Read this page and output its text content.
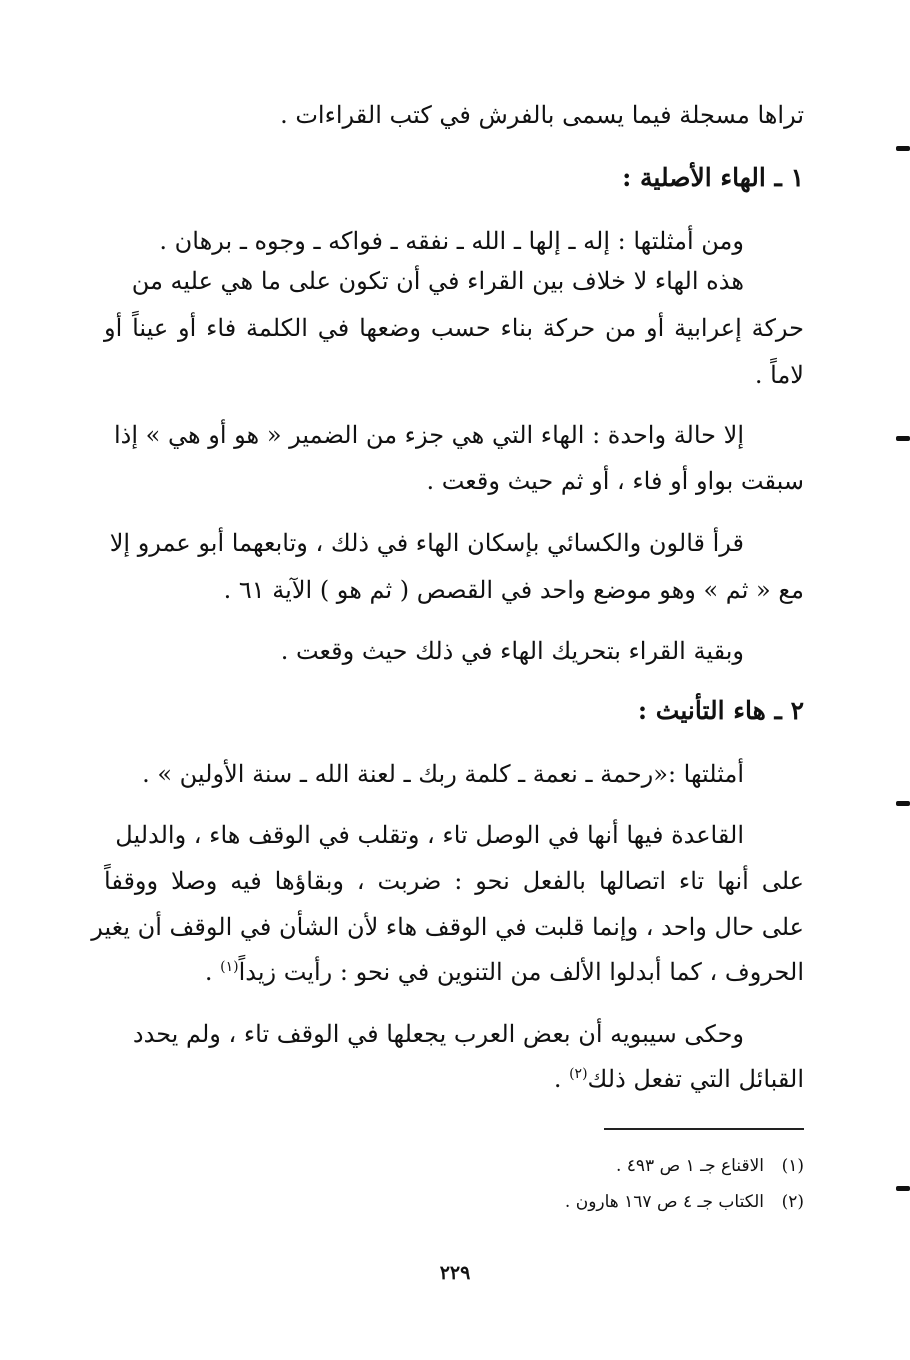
تراها مسجلة فيما يسمى بالفرش في كتب القراءات .
١ ـ الهاء الأصلية :
ومن أمثلتها : إله ـ إلها ـ الله ـ نفقه ـ فواكه ـ وجوه ـ برهان .
هذه الهاء لا خلاف بين القراء في أن تكون على ما هي عليه من
حركة إعرابية أو من حركة بناء حسب وضعها في الكلمة فاء أو عيناً أو
لاماً .
إلا حالة واحدة : الهاء التي هي جزء من الضمير « هو أو هي » إذا
سبقت بواو أو فاء ، أو ثم حيث وقعت .
قرأ قالون والكسائي بإسكان الهاء في ذلك ، وتابعهما أبو عمرو إلا
مع « ثم » وهو موضع واحد في القصص ( ثم هو ) الآية ٦١ .
وبقية القراء بتحريك الهاء في ذلك حيث وقعت .
٢ ـ هاء التأنيث :
أمثلتها :«رحمة ـ نعمة ـ كلمة ربك ـ لعنة الله ـ سنة الأولين » .
القاعدة فيها أنها في الوصل تاء ، وتقلب في الوقف هاء ، والدليل
على أنها تاء اتصالها بالفعل نحو : ضربت ، وبقاؤها فيه وصلا ووقفاً
على حال واحد ، وإنما قلبت في الوقف هاء لأن الشأن في الوقف أن يغير
الحروف ، كما أبدلوا الألف من التنوين في نحو : رأيت زيداً$^{(١)}$ .
وحكى سيبويه أن بعض العرب يجعلها في الوقف تاء ، ولم يحدد
القبائل التي تفعل ذلك$^{(٢)}$ .
(١)الاقناع جـ ١ ص ٤٩٣ .
(٢)الكتاب جـ ٤ ص ١٦٧ هارون .
٢٢٩
